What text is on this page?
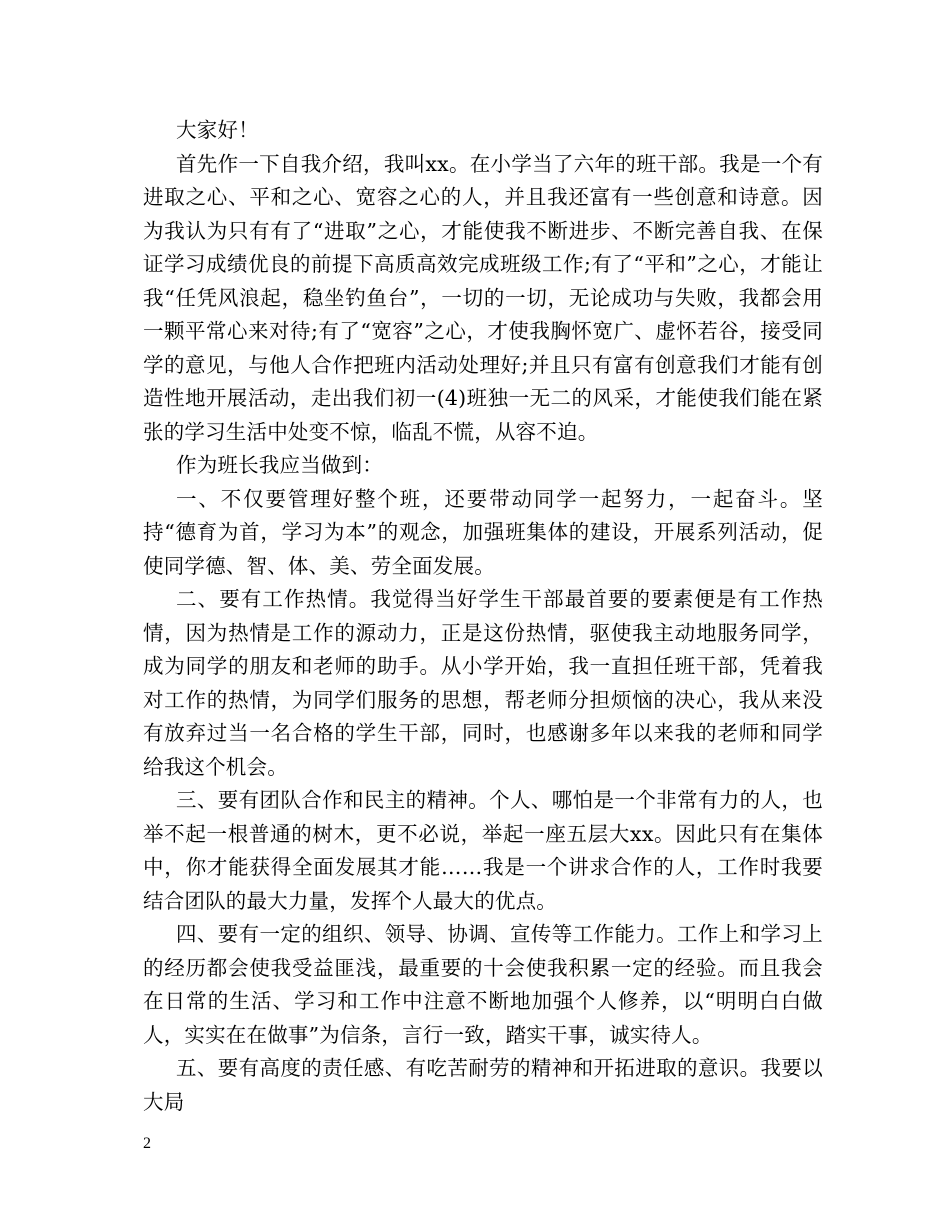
大家好！

首先作一下自我介绍，我叫xx。在小学当了六年的班干部。我是一个有进取之心、平和之心、宽容之心的人，并且我还富有一些创意和诗意。因为我认为只有有了“进取”之心，才能使我不断进步、不断完善自我、在保证学习成绩优良的前提下高质高效完成班级工作;有了“平和”之心，才能让我“任凭风浪起，稳坐钓鱼台”，一切的一切，无论成功与失败，我都会用一颗平常心来对待;有了“宽容”之心，才使我胸怀宽广、虚怀若谷，接受同学的意见，与他人合作把班内活动处理好;并且只有富有创意我们才能有创造性地开展活动，走出我们初一(4)班独一无二的风采，才能使我们能在紧张的学习生活中处变不惊，临乱不慌，从容不迫。

作为班长我应当做到：

一、不仅要管理好整个班，还要带动同学一起努力，一起奋斗。坚持“德育为首，学习为本”的观念，加强班集体的建设，开展系列活动，促使同学德、智、体、美、劳全面发展。

二、要有工作热情。我觉得当好学生干部最首要的要素便是有工作热情，因为热情是工作的源动力，正是这份热情，驱使我主动地服务同学，成为同学的朋友和老师的助手。从小学开始，我一直担任班干部，凭着我对工作的热情，为同学们服务的思想，帮老师分担烦恼的决心，我从来没有放弃过当一名合格的学生干部，同时，也感谢多年以来我的老师和同学给我这个机会。

三、要有团队合作和民主的精神。个人、哪怕是一个非常有力的人，也举不起一根普通的树木，更不必说，举起一座五层大xx。因此只有在集体中，你才能获得全面发展其才能……我是一个讲求合作的人，工作时我要结合团队的最大力量，发挥个人最大的优点。

四、要有一定的组织、领导、协调、宣传等工作能力。工作上和学习上的经历都会使我受益匪浅，最重要的十会使我积累一定的经验。而且我会在日常的生活、学习和工作中注意不断地加强个人修养，以“明明白白做人，实实在在做事”为信条，言行一致，踏实干事，诚实待人。

五、要有高度的责任感、有吃苦耐劳的精神和开拓进取的意识。我要以大局

2
